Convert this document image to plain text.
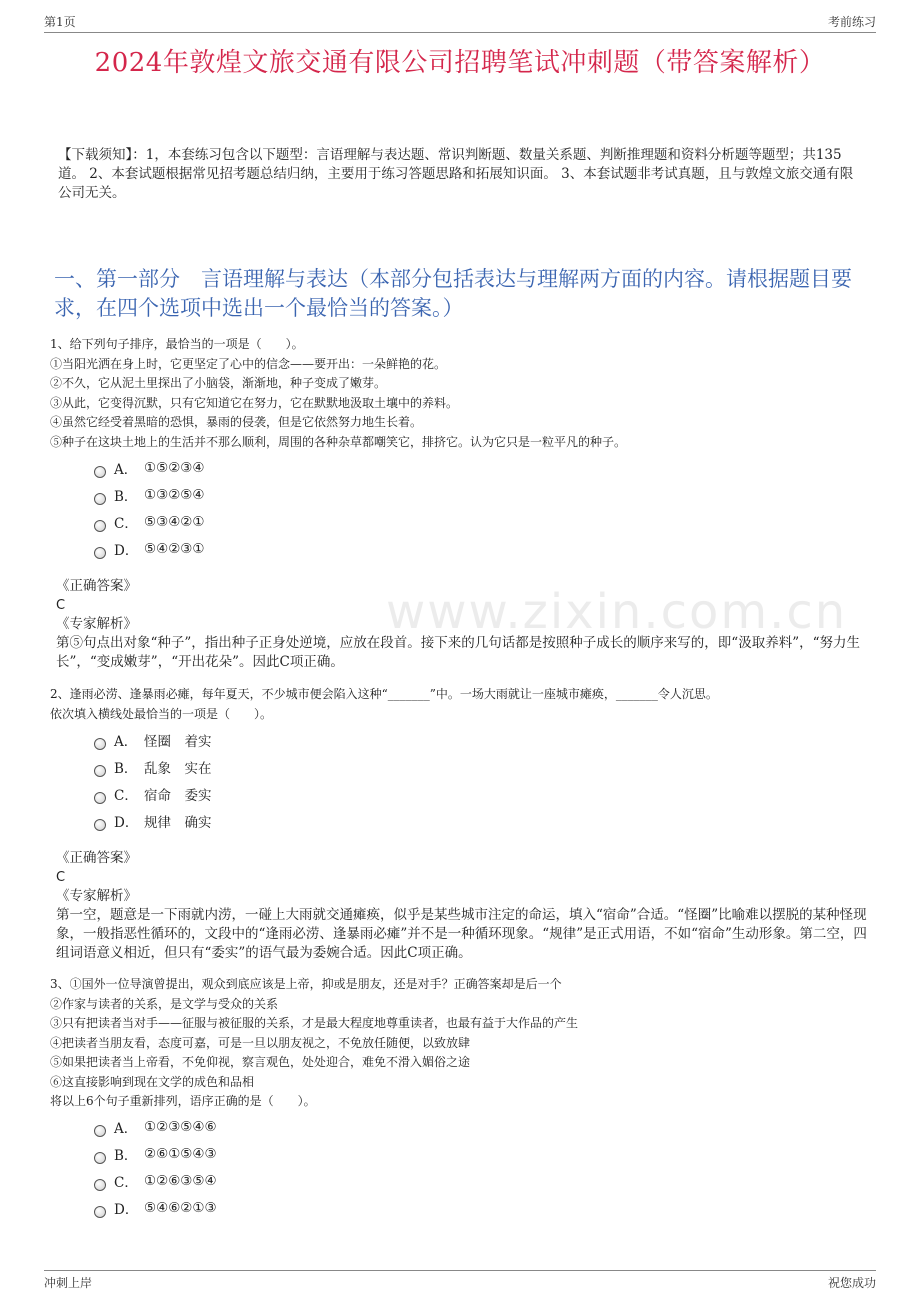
第1页	考前练习
www.zixin.com.cn
2024年敦煌文旅交通有限公司招聘笔试冲刺题（带答案解析）
【下载须知】：1，本套练习包含以下题型：言语理解与表达题、常识判断题、数量关系题、判断推理题和资料分析题等题型；共135道。 2、本套试题根据常见招考题总结归纳，主要用于练习答题思路和拓展知识面。 3、本套试题非考试真题，且与敦煌文旅交通有限公司无关。
一、第一部分　言语理解与表达（本部分包括表达与理解两方面的内容。请根据题目要求，在四个选项中选出一个最恰当的答案。）
1、给下列句子排序，最恰当的一项是（　　）。
①当阳光洒在身上时，它更坚定了心中的信念——要开出：一朵鲜艳的花。
②不久，它从泥土里探出了小脑袋，渐渐地，种子变成了嫩芽。
③从此，它变得沉默，只有它知道它在努力，它在默默地汲取土壤中的养料。
④虽然它经受着黑暗的恐惧，暴雨的侵袭，但是它依然努力地生长着。
⑤种子在这块土地上的生活并不那么顺利，周围的各种杂草都嘲笑它，排挤它。认为它只是一粒平凡的种子。
A． ①⑤②③④
B． ①③②⑤④
C． ⑤③④②①
D． ⑤④②③①
《正确答案》
C
《专家解析》
第⑤句点出对象“种子”，指出种子正身处逆境，应放在段首。接下来的几句话都是按照种子成长的顺序来写的，即“汲取养料”，“努力生长”，“变成嫩芽”，“开出花朵”。因此C项正确。
2、逢雨必涝、逢暴雨必瘫，每年夏天，不少城市便会陷入这种“_______”中。一场大雨就让一座城市瘫痪，_______令人沉思。
依次填入横线处最恰当的一项是（　　）。
A． 怪圈　着实
B． 乱象　实在
C． 宿命　委实
D． 规律　确实
《正确答案》
C
《专家解析》
第一空，题意是一下雨就内涝，一碰上大雨就交通瘫痪，似乎是某些城市注定的命运，填入“宿命”合适。“怪圈”比喻难以摆脱的某种怪现象，一般指恶性循环的，文段中的“逢雨必涝、逢暴雨必瘫”并不是一种循环现象。“规律”是正式用语，不如“宿命”生动形象。第二空，四组词语意义相近，但只有“委实”的语气最为委婉合适。因此C项正确。
3、①国外一位导演曾提出，观众到底应该是上帝，抑或是朋友，还是对手？正确答案却是后一个
②作家与读者的关系，是文学与受众的关系
③只有把读者当对手——征服与被征服的关系，才是最大程度地尊重读者，也最有益于大作品的产生
④把读者当朋友看，态度可嘉，可是一旦以朋友视之，不免放任随便，以致放肆
⑤如果把读者当上帝看，不免仰视，察言观色，处处迎合，难免不滑入媚俗之途
⑥这直接影响到现在文学的成色和品相
将以上6个句子重新排列，语序正确的是（　　）。
A． ①②③⑤④⑥
B． ②⑥①⑤④③
C． ①②⑥③⑤④
D． ⑤④⑥②①③
冲刺上岸	祝您成功
